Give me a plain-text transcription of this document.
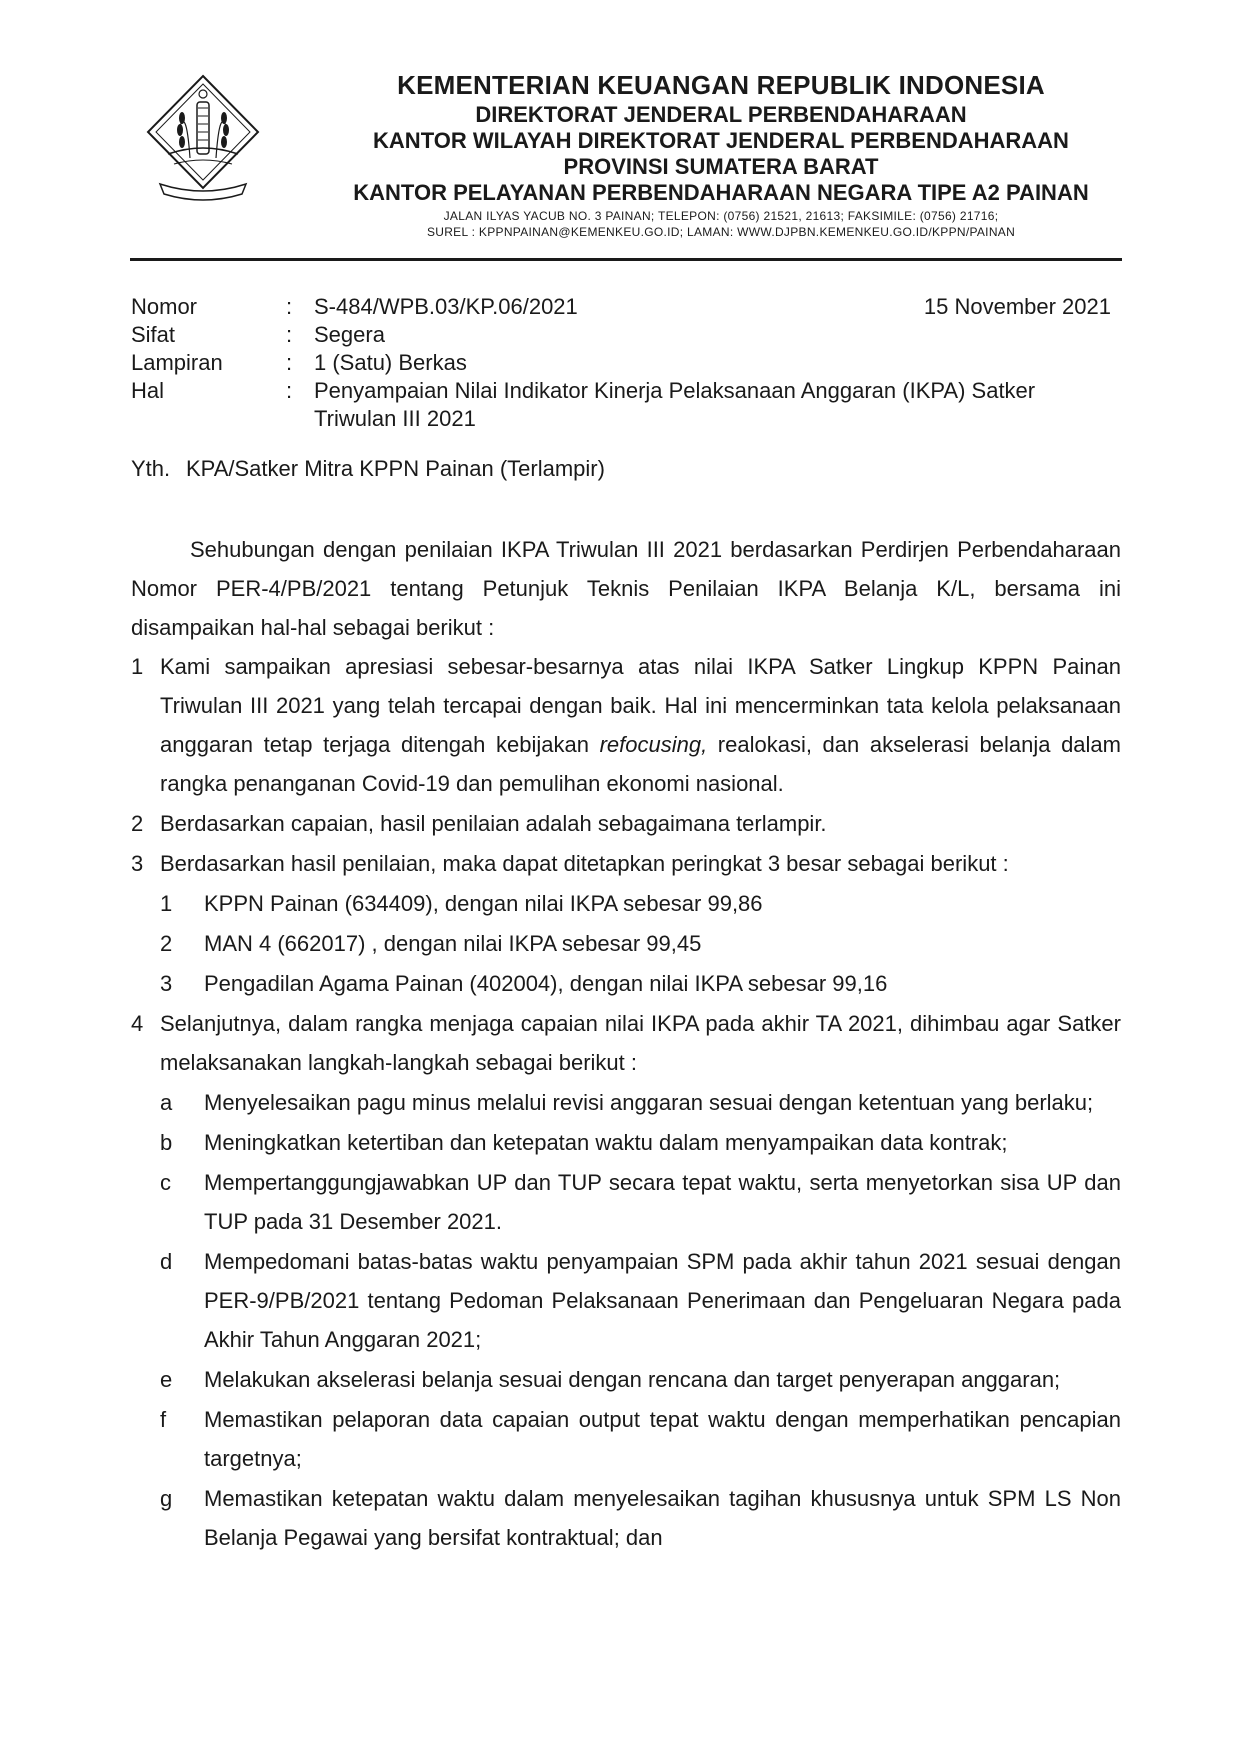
KEMENTERIAN KEUANGAN REPUBLIK INDONESIA
DIREKTORAT JENDERAL PERBENDAHARAAN
KANTOR WILAYAH DIREKTORAT JENDERAL PERBENDAHARAAN
PROVINSI SUMATERA BARAT
KANTOR PELAYANAN PERBENDAHARAAN NEGARA TIPE A2 PAINAN
JALAN ILYAS YACUB NO. 3 PAINAN; TELEPON: (0756) 21521, 21613; FAKSIMILE: (0756) 21716;
SUREL : KPPNPAINAN@KEMENKEU.GO.ID; LAMAN: WWW.DJPBN.KEMENKEU.GO.ID/KPPN/PAINAN
Nomor	: S-484/WPB.03/KP.06/2021	15 November 2021
Sifat	: Segera
Lampiran	: 1 (Satu) Berkas
Hal	: Penyampaian Nilai Indikator Kinerja Pelaksanaan Anggaran (IKPA) Satker Triwulan III 2021
Yth. KPA/Satker Mitra KPPN Painan (Terlampir)

Sehubungan dengan penilaian IKPA Triwulan III 2021 berdasarkan Perdirjen Perbendaharaan Nomor PER-4/PB/2021 tentang Petunjuk Teknis Penilaian IKPA Belanja K/L, bersama ini disampaikan hal-hal sebagai berikut :

1 Kami sampaikan apresiasi sebesar-besarnya atas nilai IKPA Satker Lingkup KPPN Painan Triwulan III 2021 yang telah tercapai dengan baik. Hal ini mencerminkan tata kelola pelaksanaan anggaran tetap terjaga ditengah kebijakan refocusing, realokasi, dan akselerasi belanja dalam rangka penanganan Covid-19 dan pemulihan ekonomi nasional.
2 Berdasarkan capaian, hasil penilaian adalah sebagaimana terlampir.
3 Berdasarkan hasil penilaian, maka dapat ditetapkan peringkat 3 besar sebagai berikut :
1 KPPN Painan (634409), dengan nilai IKPA sebesar 99,86
2 MAN 4 (662017) , dengan nilai IKPA sebesar 99,45
3 Pengadilan Agama Painan (402004), dengan nilai IKPA sebesar 99,16
4 Selanjutnya, dalam rangka menjaga capaian nilai IKPA pada akhir TA 2021, dihimbau agar Satker melaksanakan langkah-langkah sebagai berikut :
a Menyelesaikan pagu minus melalui revisi anggaran sesuai dengan ketentuan yang berlaku;
b Meningkatkan ketertiban dan ketepatan waktu dalam menyampaikan data kontrak;
c Mempertanggungjawabkan UP dan TUP secara tepat waktu, serta menyetorkan sisa UP dan TUP pada 31 Desember 2021.
d Mempedomani batas-batas waktu penyampaian SPM pada akhir tahun 2021 sesuai dengan PER-9/PB/2021 tentang Pedoman Pelaksanaan Penerimaan dan Pengeluaran Negara pada Akhir Tahun Anggaran 2021;
e Melakukan akselerasi belanja sesuai dengan rencana dan target penyerapan anggaran;
f Memastikan pelaporan data capaian output tepat waktu dengan memperhatikan pencapian targetnya;
g Memastikan ketepatan waktu dalam menyelesaikan tagihan khususnya untuk SPM LS Non Belanja Pegawai yang bersifat kontraktual; dan
